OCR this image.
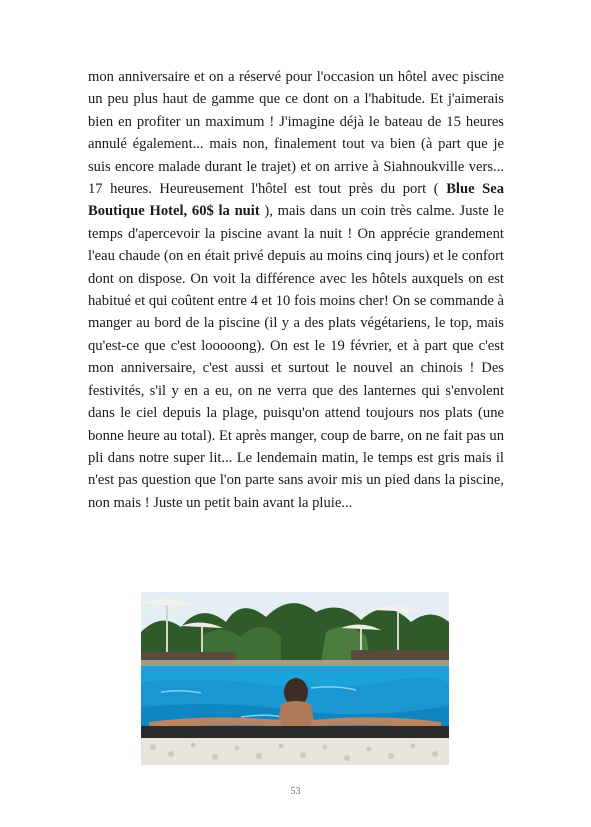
mon anniversaire et on a réservé pour l'occasion un hôtel avec piscine un peu plus haut de gamme que ce dont on a l'habitude. Et j'aimerais bien en profiter un maximum ! J'imagine déjà le bateau de 15 heures annulé également... mais non, finalement tout va bien (à part que je suis encore malade durant le trajet) et on arrive à Siahnoukville vers... 17 heures. Heureusement l'hôtel est tout près du port ( Blue Sea Boutique Hotel, 60$ la nuit ), mais dans un coin très calme. Juste le temps d'apercevoir la piscine avant la nuit ! On apprécie grandement l'eau chaude (on en était privé depuis au moins cinq jours) et le confort dont on dispose. On voit la différence avec les hôtels auxquels on est habitué et qui coûtent entre 4 et 10 fois moins cher! On se commande à manger au bord de la piscine (il y a des plats végétariens, le top, mais qu'est-ce que c'est looooong). On est le 19 février, et à part que c'est mon anniversaire, c'est aussi et surtout le nouvel an chinois ! Des festivités, s'il y en a eu, on ne verra que des lanternes qui s'envolent dans le ciel depuis la plage, puisqu'on attend toujours nos plats (une bonne heure au total). Et après manger, coup de barre, on ne fait pas un pli dans notre super lit... Le lendemain matin, le temps est gris mais il n'est pas question que l'on parte sans avoir mis un pied dans la piscine, non mais ! Juste un petit bain avant la pluie...

53
